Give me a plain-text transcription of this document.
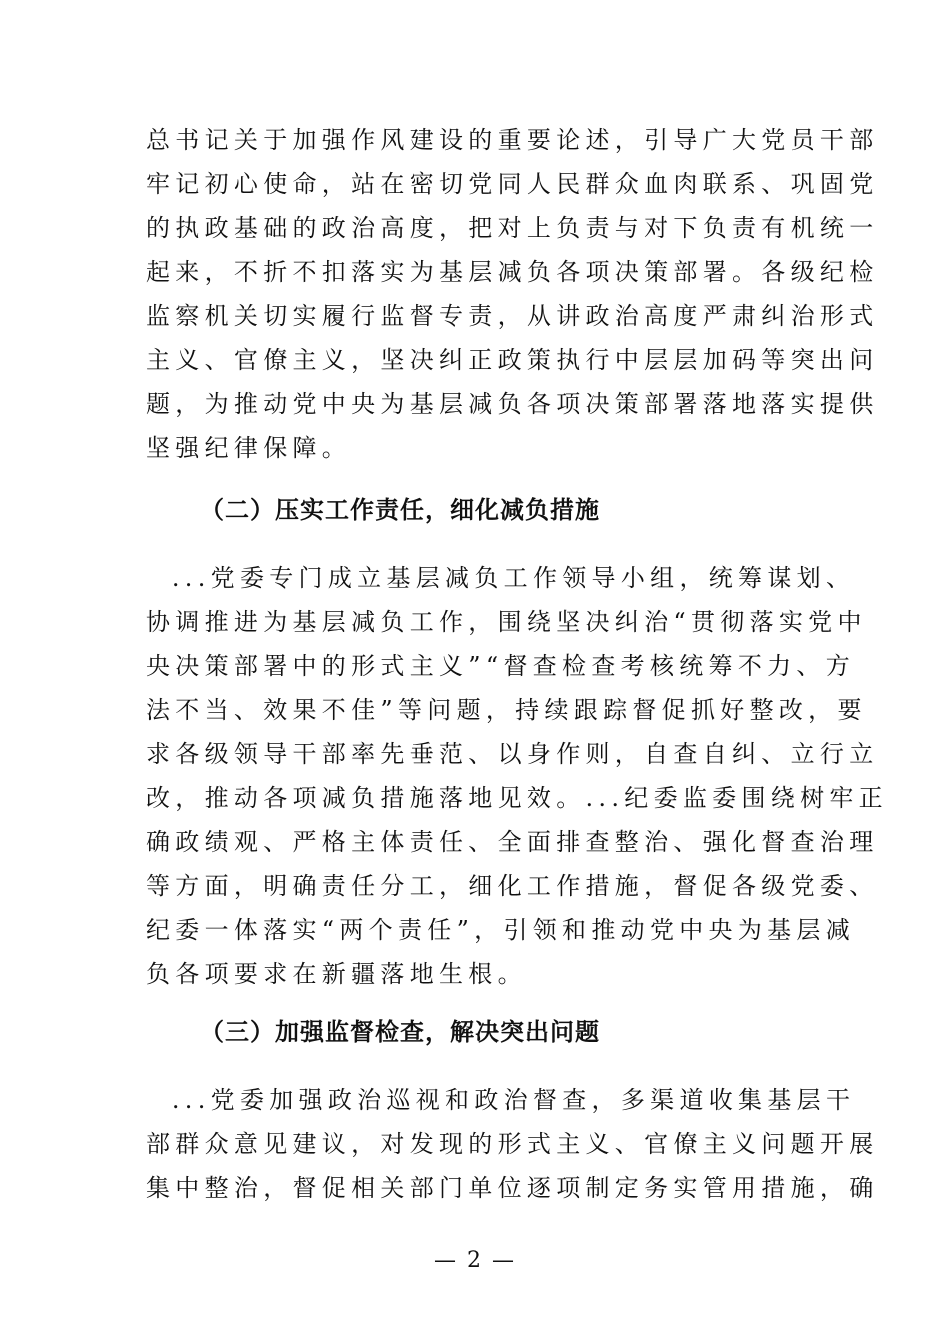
总书记关于加强作风建设的重要论述，引导广大党员干部
牢记初心使命，站在密切党同人民群众血肉联系、巩固党
的执政基础的政治高度，把对上负责与对下负责有机统一
起来，不折不扣落实为基层减负各项决策部署。各级纪检
监察机关切实履行监督专责，从讲政治高度严肃纠治形式
主义、官僚主义，坚决纠正政策执行中层层加码等突出问
题，为推动党中央为基层减负各项决策部署落地落实提供
坚强纪律保障。
（二）压实工作责任，细化减负措施
...党委专门成立基层减负工作领导小组，统筹谋划、
协调推进为基层减负工作，围绕坚决纠治“贯彻落实党中
央决策部署中的形式主义”“督查检查考核统筹不力、方
法不当、效果不佳”等问题，持续跟踪督促抓好整改，要
求各级领导干部率先垂范、以身作则，自查自纠、立行立
改，推动各项减负措施落地见效。...纪委监委围绕树牢正
确政绩观、严格主体责任、全面排查整治、强化督查治理
等方面，明确责任分工，细化工作措施，督促各级党委、
纪委一体落实“两个责任”，引领和推动党中央为基层减
负各项要求在新疆落地生根。
（三）加强监督检查，解决突出问题
...党委加强政治巡视和政治督查，多渠道收集基层干
部群众意见建议，对发现的形式主义、官僚主义问题开展
集中整治，督促相关部门单位逐项制定务实管用措施，确
— 2 —
